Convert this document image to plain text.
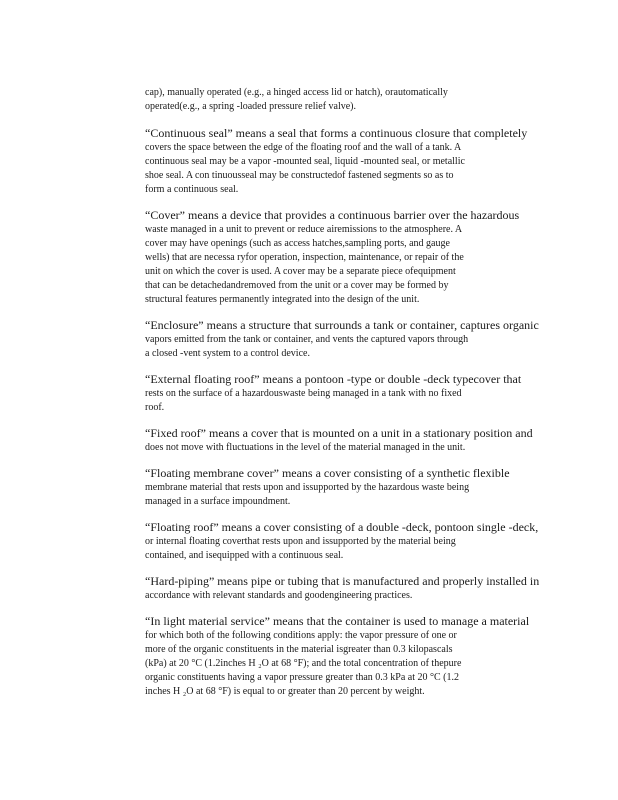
cap), manually operated (e.g., a hinged access lid or hatch), orautomatically
operated(e.g., a spring -loaded pressure relief valve).
“Continuous seal” means a seal that forms a continuous closure that completely
covers the space between the edge of the floating roof and the wall of a tank. A
continuous seal may be a vapor -mounted seal, liquid -mounted seal, or metallic
shoe seal. A con tinuousseal may be constructedof fastened segments so as to
form a continuous seal.
“Cover” means a device that provides a continuous barrier over the hazardous
waste managed in a unit to prevent or reduce airemissions to the atmosphere. A
cover may have openings (such as access hatches,sampling ports, and gauge
wells) that are necessa ryfor operation, inspection, maintenance, or repair of the
unit on which the cover is used. A cover may be a separate piece ofequipment
that can be detachedandremoved from the unit or a cover may be formed by
structural features permanently integrated into the design of the unit.
“Enclosure” means a structure that surrounds a tank or container, captures organic
vapors emitted from the tank or container, and vents the captured vapors through
a closed -vent system to a control device.
“External floating roof” means a pontoon -type or double -deck typecover that
rests on the surface of a hazardouswaste being managed in a tank with no fixed
roof.
“Fixed roof” means a cover that is mounted on a unit in a stationary position and
does not move with fluctuations in the level of the material managed in the unit.
“Floating membrane cover” means a cover consisting of a synthetic flexible
membrane material that rests upon and issupported by the hazardous waste being
managed in a surface impoundment.
“Floating roof” means a cover consisting of a double -deck, pontoon single -deck,
or internal floating coverthat rests upon and issupported by the material being
contained, and isequipped with a continuous seal.
“Hard-piping” means pipe or tubing that is manufactured and properly installed in
accordance with relevant standards and goodengineering practices.
“In light material service” means that the container is used to manage a material
for which both of the following conditions apply: the vapor pressure of one or
more of the organic constituents in the material isgreater than 0.3 kilopascals
(kPa) at 20 °C (1.2inches H ₂O at 68 °F); and the total concentration of thepure
organic constituents having a vapor pressure greater than 0.3 kPa at 20 °C (1.2
inches H ₂O at 68 °F) is equal to or greater than 20 percent by weight.
